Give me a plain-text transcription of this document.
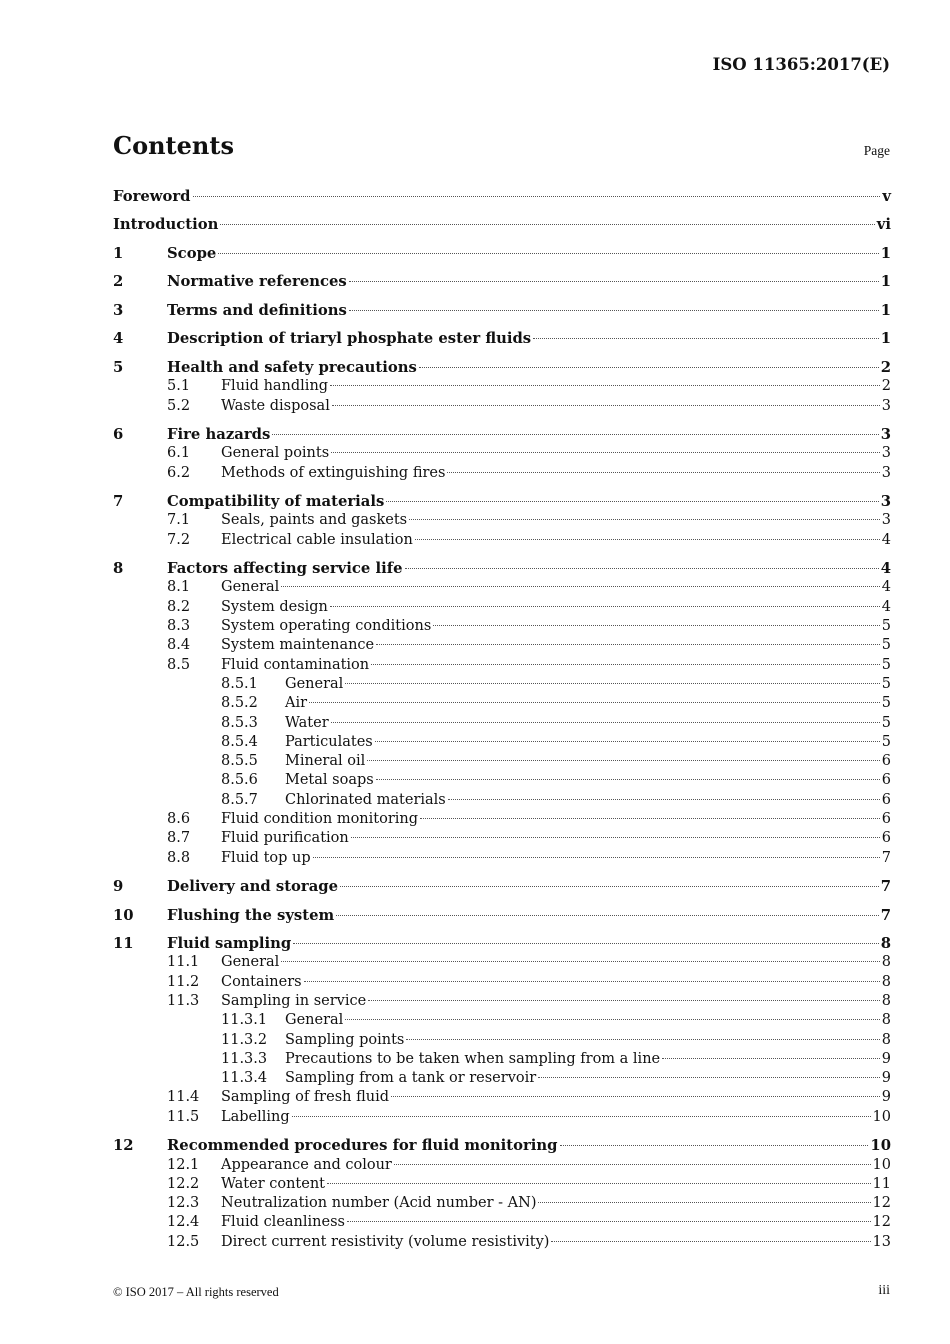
ISO 11365:2017(E)
Contents	Page
Foreword	v
Introduction	vi
1	Scope	1
2	Normative references	1
3	Terms and definitions	1
4	Description of triaryl phosphate ester fluids	1
5	Health and safety precautions	2
5.1 Fluid handling	2
5.2 Waste disposal	3
6	Fire hazards	3
6.1 General points	3
6.2 Methods of extinguishing fires	3
7	Compatibility of materials	3
7.1 Seals, paints and gaskets	3
7.2 Electrical cable insulation	4
8	Factors affecting service life	4
8.1 General	4
8.2 System design	4
8.3 System operating conditions	5
8.4 System maintenance	5
8.5 Fluid contamination	5
8.5.1 General	5
8.5.2 Air	5
8.5.3 Water	5
8.5.4 Particulates	5
8.5.5 Mineral oil	6
8.5.6 Metal soaps	6
8.5.7 Chlorinated materials	6
8.6 Fluid condition monitoring	6
8.7 Fluid purification	6
8.8 Fluid top up	7
9	Delivery and storage	7
10 Flushing the system	7
11 Fluid sampling	8
11.1 General	8
11.2 Containers	8
11.3 Sampling in service	8
11.3.1 General	8
11.3.2 Sampling points	8
11.3.3 Precautions to be taken when sampling from a line	9
11.3.4 Sampling from a tank or reservoir	9
11.4 Sampling of fresh fluid	9
11.5 Labelling	10
12 Recommended procedures for fluid monitoring	10
12.1 Appearance and colour	10
12.2 Water content	11
12.3 Neutralization number (Acid number - AN)	12
12.4 Fluid cleanliness	12
12.5 Direct current resistivity (volume resistivity)	13
© ISO 2017 – All rights reserved	iii
